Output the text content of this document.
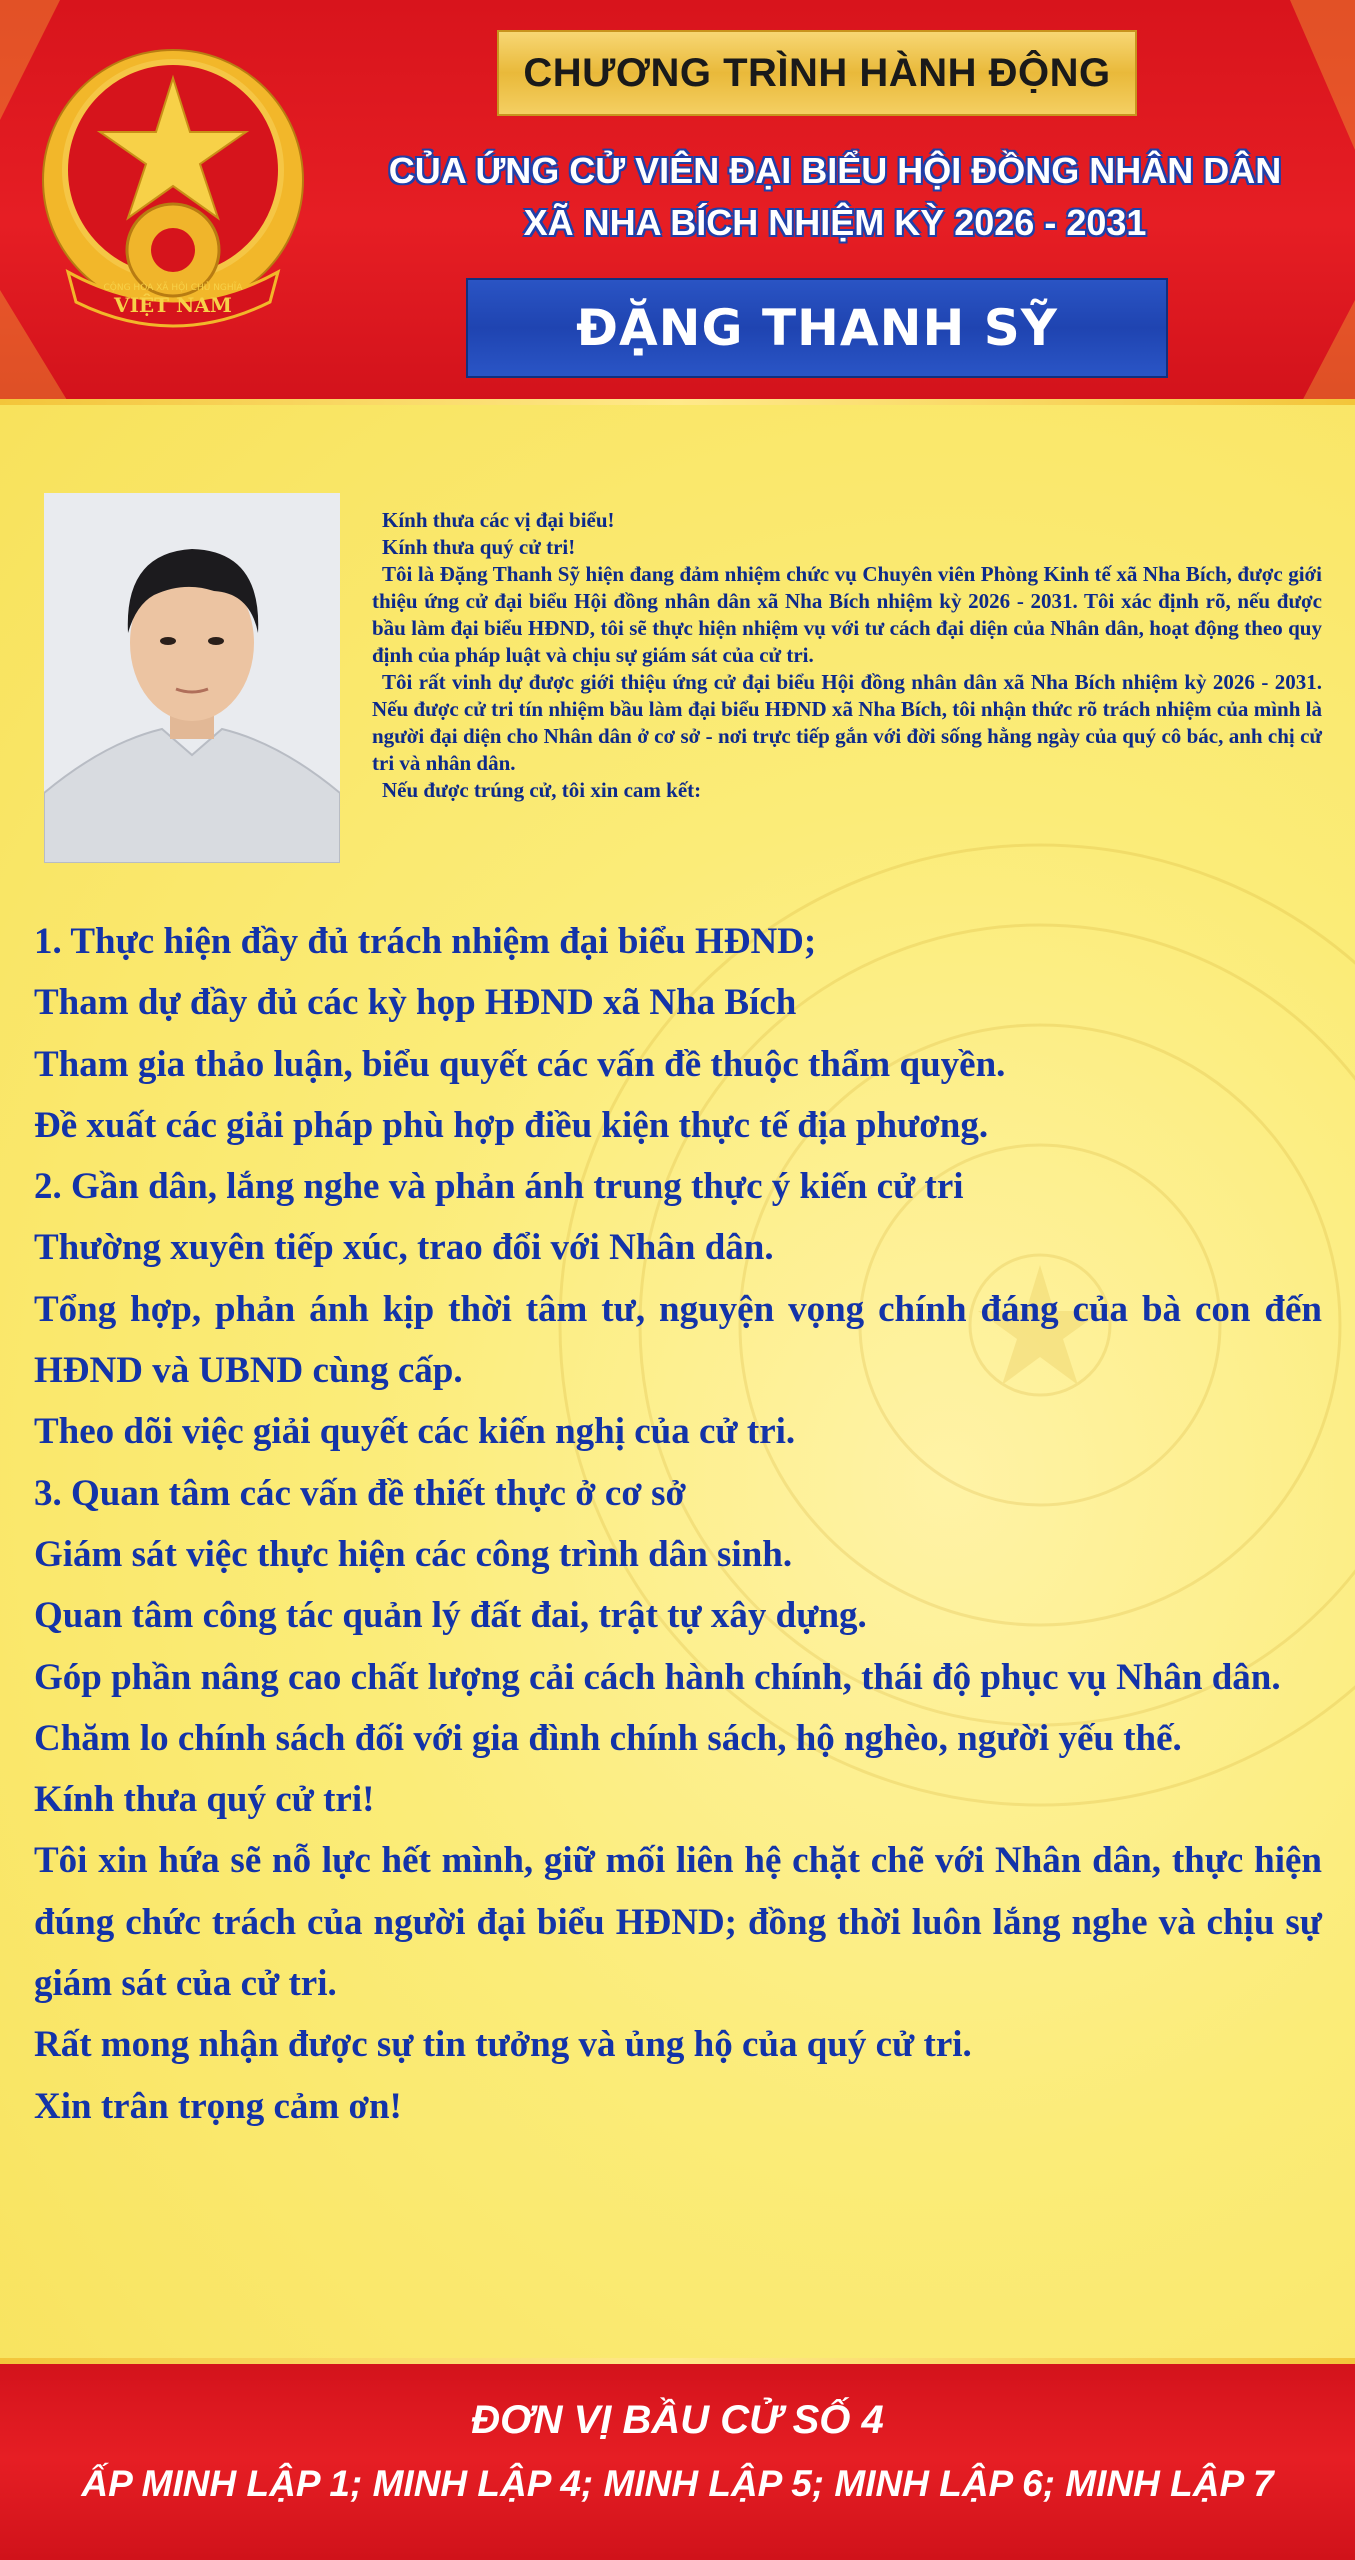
VIỆT NAM
CỘNG HÒA XÃ HỘI CHỦ NGHĨA
CHƯƠNG TRÌNH HÀNH ĐỘNG
CỦA ỨNG CỬ VIÊN ĐẠI BIỂU HỘI ĐỒNG NHÂN DÂN
XÃ NHA BÍCH NHIỆM KỲ 2026 - 2031
ĐẶNG THANH SỸ

Kính thưa các vị đại biểu!

Kính thưa quý cử tri!

Tôi là Đặng Thanh Sỹ hiện đang đảm nhiệm chức vụ Chuyên viên Phòng Kinh tế xã Nha Bích, được giới thiệu ứng cử đại biểu Hội đồng nhân dân xã Nha Bích nhiệm kỳ 2026 - 2031. Tôi xác định rõ, nếu được bầu làm đại biểu HĐND, tôi sẽ thực hiện nhiệm vụ với tư cách đại diện của Nhân dân, hoạt động theo quy định của pháp luật và chịu sự giám sát của cử tri.

Tôi rất vinh dự được giới thiệu ứng cử đại biểu Hội đồng nhân dân xã Nha Bích nhiệm kỳ 2026 - 2031. Nếu được cử tri tín nhiệm bầu làm đại biểu HĐND xã Nha Bích, tôi nhận thức rõ trách nhiệm của mình là người đại diện cho Nhân dân ở cơ sở - nơi trực tiếp gắn với đời sống hằng ngày của quý cô bác, anh chị cử tri và nhân dân.

Nếu được trúng cử, tôi xin cam kết:

1. Thực hiện đầy đủ trách nhiệm đại biểu HĐND;
Tham dự đầy đủ các kỳ họp HĐND xã Nha Bích
Tham gia thảo luận, biểu quyết các vấn đề thuộc thẩm quyền.
Đề xuất các giải pháp phù hợp điều kiện thực tế địa phương.
2. Gần dân, lắng nghe và phản ánh trung thực ý kiến cử tri
Thường xuyên tiếp xúc, trao đổi với Nhân dân.
Tổng hợp, phản ánh kịp thời tâm tư, nguyện vọng chính đáng của bà con đến HĐND và UBND cùng cấp.
Theo dõi việc giải quyết các kiến nghị của cử tri.
3. Quan tâm các vấn đề thiết thực ở cơ sở
Giám sát việc thực hiện các công trình dân sinh.
Quan tâm công tác quản lý đất đai, trật tự xây dựng.
Góp phần nâng cao chất lượng cải cách hành chính, thái độ phục vụ Nhân dân.
Chăm lo chính sách đối với gia đình chính sách, hộ nghèo, người yếu thế.
Kính thưa quý cử tri!
Tôi xin hứa sẽ nỗ lực hết mình, giữ mối liên hệ chặt chẽ với Nhân dân, thực hiện đúng chức trách của người đại biểu HĐND; đồng thời luôn lắng nghe và chịu sự giám sát của cử tri.
Rất mong nhận được sự tin tưởng và ủng hộ của quý cử tri.
Xin trân trọng cảm ơn!
ĐƠN VỊ BẦU CỬ SỐ 4
ẤP MINH LẬP 1; MINH LẬP 4; MINH LẬP 5; MINH LẬP 6; MINH LẬP 7
